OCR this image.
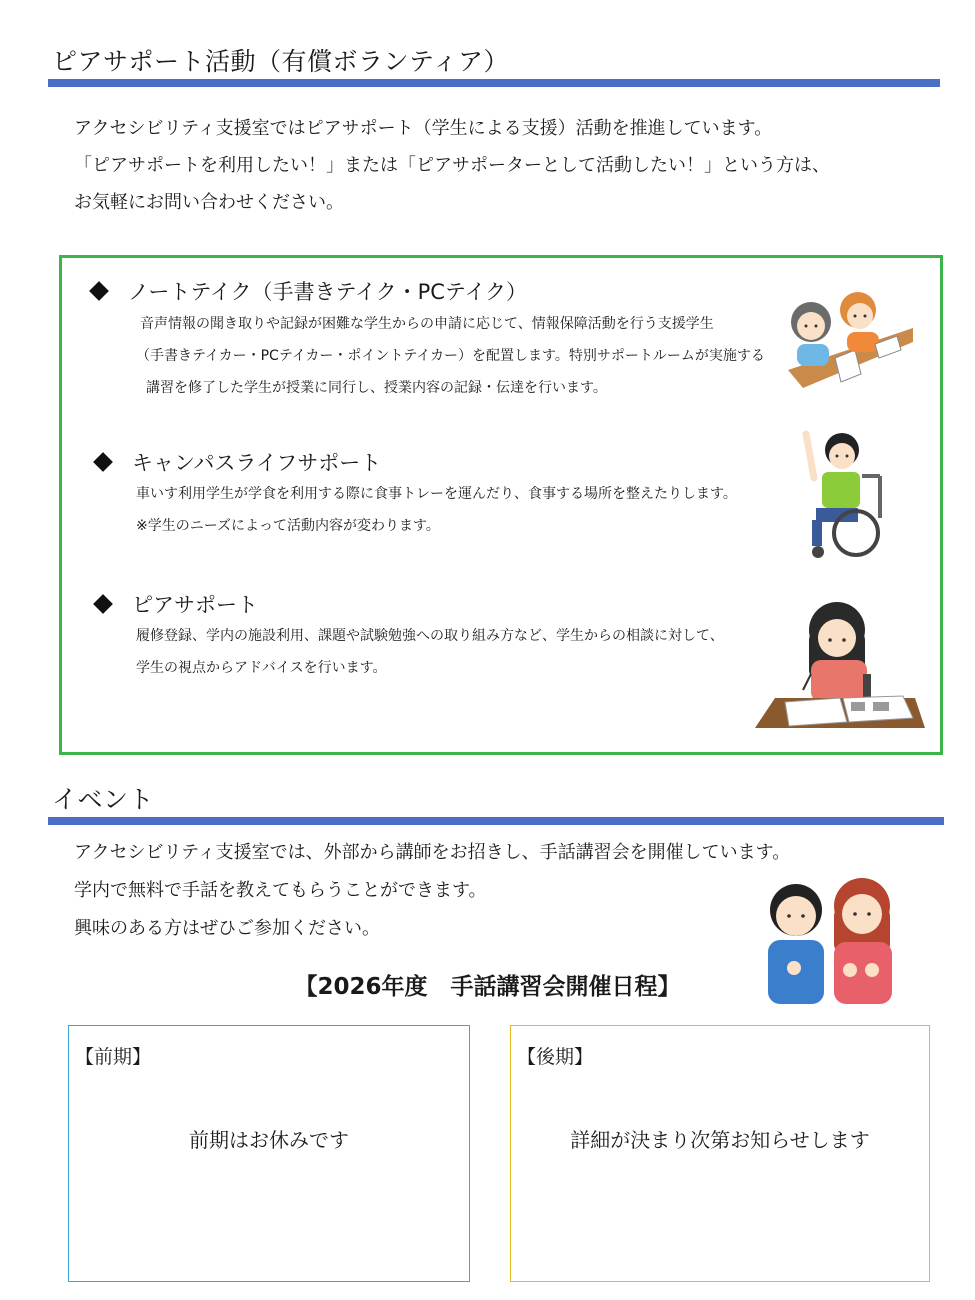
ピアサポート活動（有償ボランティア）
アクセシビリティ支援室ではピアサポート（学生による支援）活動を推進しています。
「ピアサポートを利用したい！」または「ピアサポーターとして活動したい！」という方は、
お気軽にお問い合わせください。
ノートテイク（手書きテイク・PCテイク）
音声情報の聞き取りや記録が困難な学生からの申請に応じて、情報保障活動を行う支援学生
（手書きテイカー・PCテイカー・ポイントテイカー）を配置します。特別サポートルームが実施する
講習を修了した学生が授業に同行し、授業内容の記録・伝達を行います。
キャンパスライフサポート
車いす利用学生が学食を利用する際に食事トレーを運んだり、食事する場所を整えたりします。
※学生のニーズによって活動内容が変わります。
ピアサポート
履修登録、学内の施設利用、課題や試験勉強への取り組み方など、学生からの相談に対して、
学生の視点からアドバイスを行います。
イベント
アクセシビリティ支援室では、外部から講師をお招きし、手話講習会を開催しています。
学内で無料で手話を教えてもらうことができます。
興味のある方はぜひご参加ください。
【2026年度　手話講習会開催日程】
【前期】
前期はお休みです
【後期】
詳細が決まり次第お知らせします
